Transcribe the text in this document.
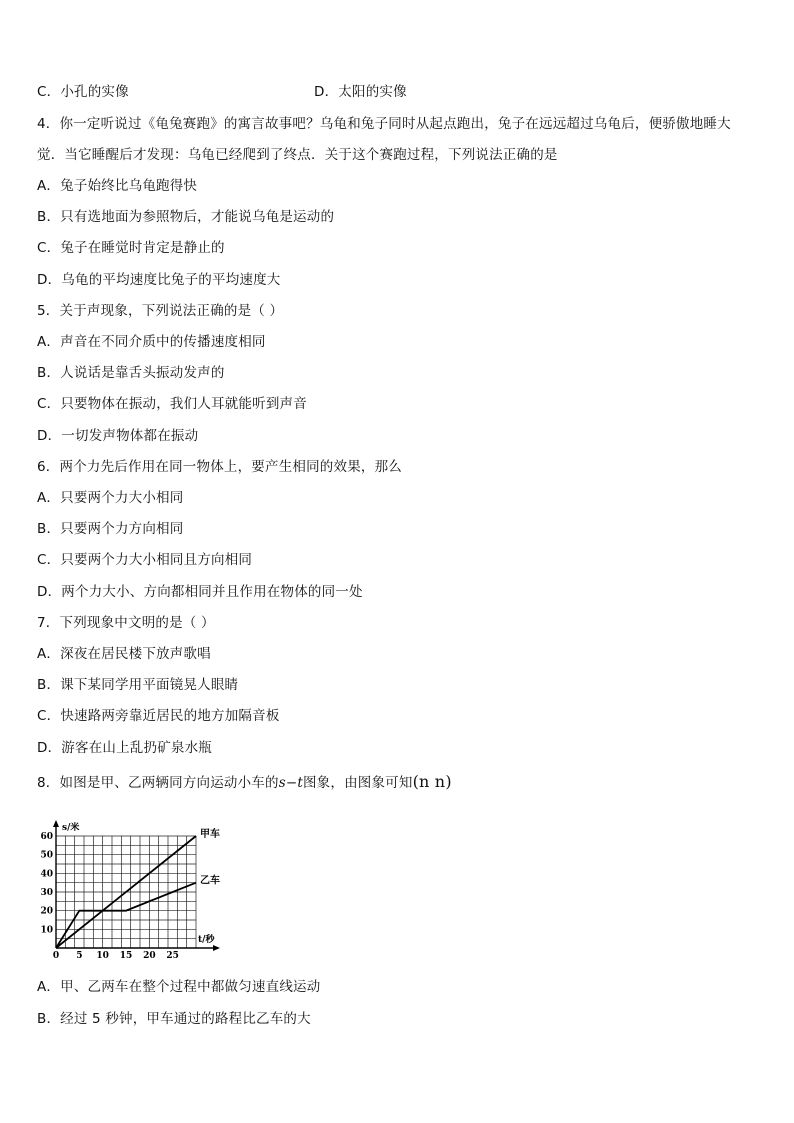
C．小孔的实像	D．太阳的实像
4．你一定听说过《龟兔赛跑》的寓言故事吧？乌龟和兔子同时从起点跑出，兔子在远远超过乌龟后，便骄傲地睡大
觉．当它睡醒后才发现：乌龟已经爬到了终点．关于这个赛跑过程，下列说法正确的是
A．兔子始终比乌龟跑得快
B．只有选地面为参照物后，才能说乌龟是运动的
C．兔子在睡觉时肯定是静止的
D．乌龟的平均速度比兔子的平均速度大
5．关于声现象，下列说法正确的是（ ）
A．声音在不同介质中的传播速度相同
B．人说话是靠舌头振动发声的
C．只要物体在振动，我们人耳就能听到声音
D．一切发声物体都在振动
6．两个力先后作用在同一物体上，要产生相同的效果，那么
A．只要两个力大小相同
B．只要两个力方向相同
C．只要两个力大小相同且方向相同
D．两个力大小、方向都相同并且作用在物体的同一处
7．下列现象中文明的是（ ）
A．深夜在居民楼下放声歌唱
B．课下某同学用平面镜晃人眼睛
C．快速路两旁靠近居民的地方加隔音板
D．游客在山上乱扔矿泉水瓶
8．如图是甲、乙两辆同方向运动小车的s−t图象，由图象可知(n n)
0 5 10 15 20 25
10
20
30
40
50
60
s/米
t/秒
甲车
乙车
A．甲、乙两车在整个过程中都做匀速直线运动
B．经过 5 秒钟，甲车通过的路程比乙车的大
